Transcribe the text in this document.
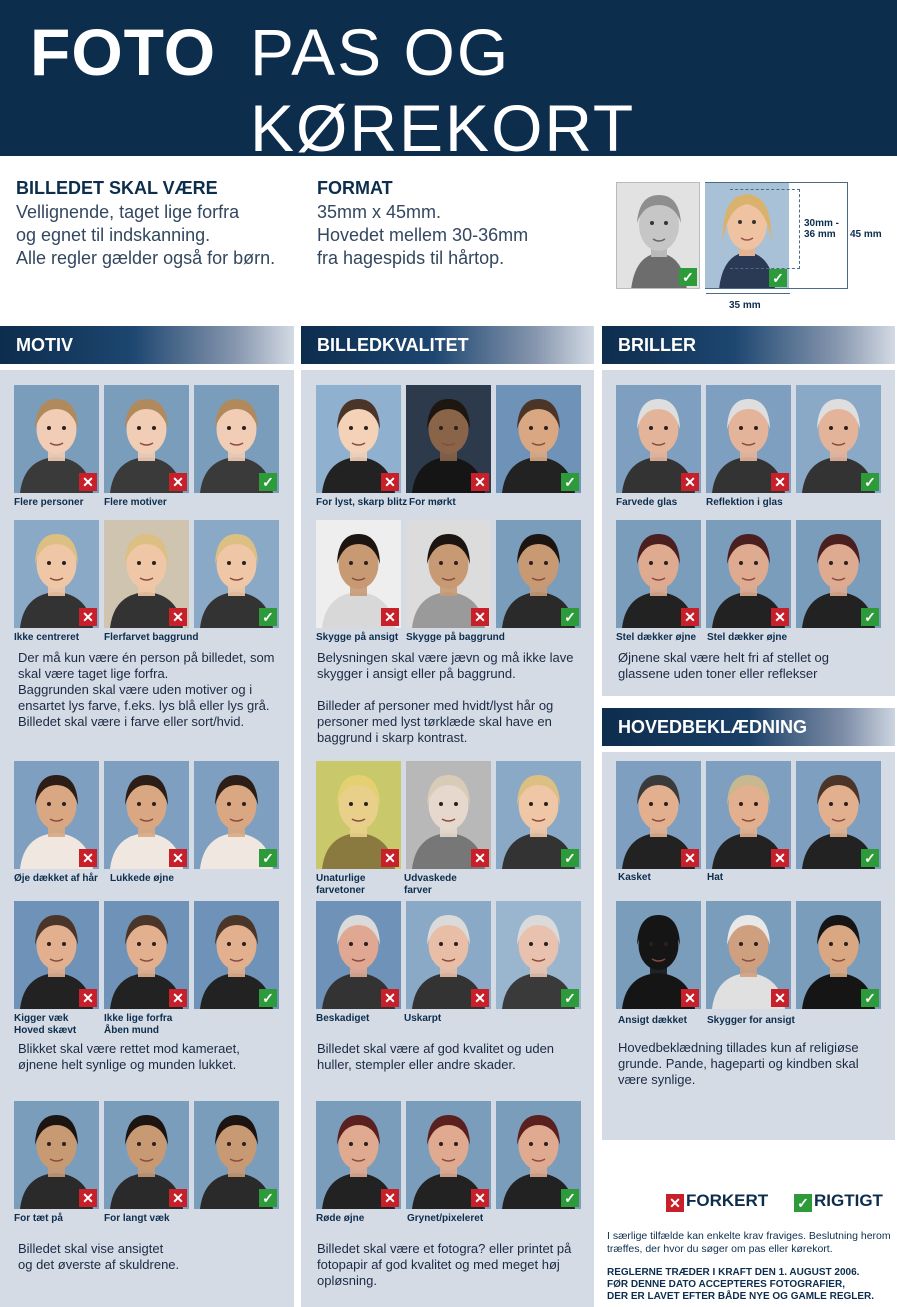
FOTO PAS OG KØREKORT
BILLEDET SKAL VÆRE
Vellignende, taget lige forfra
og egnet til indskanning.
Alle regler gælder også for børn.
FORMAT
35mm x 45mm.
Hovedet mellem 30-36mm
fra hagespids til hårtop.
✓	✓
30mm -
36 mm	45 mm
35 mm
MOTIV	BILLEDKVALITET	BRILLER
HOVEDBEKLÆDNING
✕	✕	✓
✕	✕	✓
✕	✕	✓
✕	✕	✓
✕	✕	✓
✕	✕	✓
✕	✕	✓
✕	✕	✓
✕	✕	✓
✕	✕	✓
✕	✕	✓
✕	✕	✓
✕	✕	✓
✕	✕	✓
Flere personer Flere motiver
Ikke centreret Flerfarvet baggrund
Øje dækket af hår Lukkede øjne
Kigger væk
Hoved skævt
Ikke lige forfra
Åben mund
For tæt på	For langt væk
For lyst, skarp blitz For mørkt
Skygge på ansigt Skygge på baggrund
Unaturlige
farvetoner
Udvaskede
farver
Beskadiget	Uskarpt
Røde øjne	Grynet/pixeleret
Farvede glas	Reflektion i glas
Stel dækker øjne Stel dækker øjne
Kasket	Hat
Ansigt dækket Skygger for ansigt
Der må kun være én person på billedet, som skal være taget lige forfra.
Baggrunden skal være uden motiver og i ensartet lys farve, f.eks. lys blå eller lys grå.
Billedet skal være i farve eller sort/hvid.
Blikket skal være rettet mod kameraet, øjnene helt synlige og munden lukket.
Billedet skal vise ansigtet
og det øverste af skuldrene.
Belysningen skal være jævn og må ikke lave skygger i ansigt eller på baggrund.

Billeder af personer med hvidt/lyst hår og personer med lyst tørklæde skal have en baggrund i skarp kontrast.
Billedet skal være af god kvalitet og uden huller, stempler eller andre skader.
Billedet skal være et fotogra? eller printet på fotopapir af god kvalitet og med meget høj opløsning.
Øjnene skal være helt fri af stellet og glassene uden toner eller reflekser
Hovedbeklædning tillades kun af religiøse grunde. Pande, hageparti og kindben skal være synlige.
✕ FORKERT ✓ RIGTIGT
I særlige tilfælde kan enkelte krav fraviges. Beslutning herom træffes, der hvor du søger om pas eller kørekort.
REGLERNE TRÆDER I KRAFT DEN 1. AUGUST 2006.
FØR DENNE DATO ACCEPTERES FOTOGRAFIER,
DER ER LAVET EFTER BÅDE NYE OG GAMLE REGLER.
